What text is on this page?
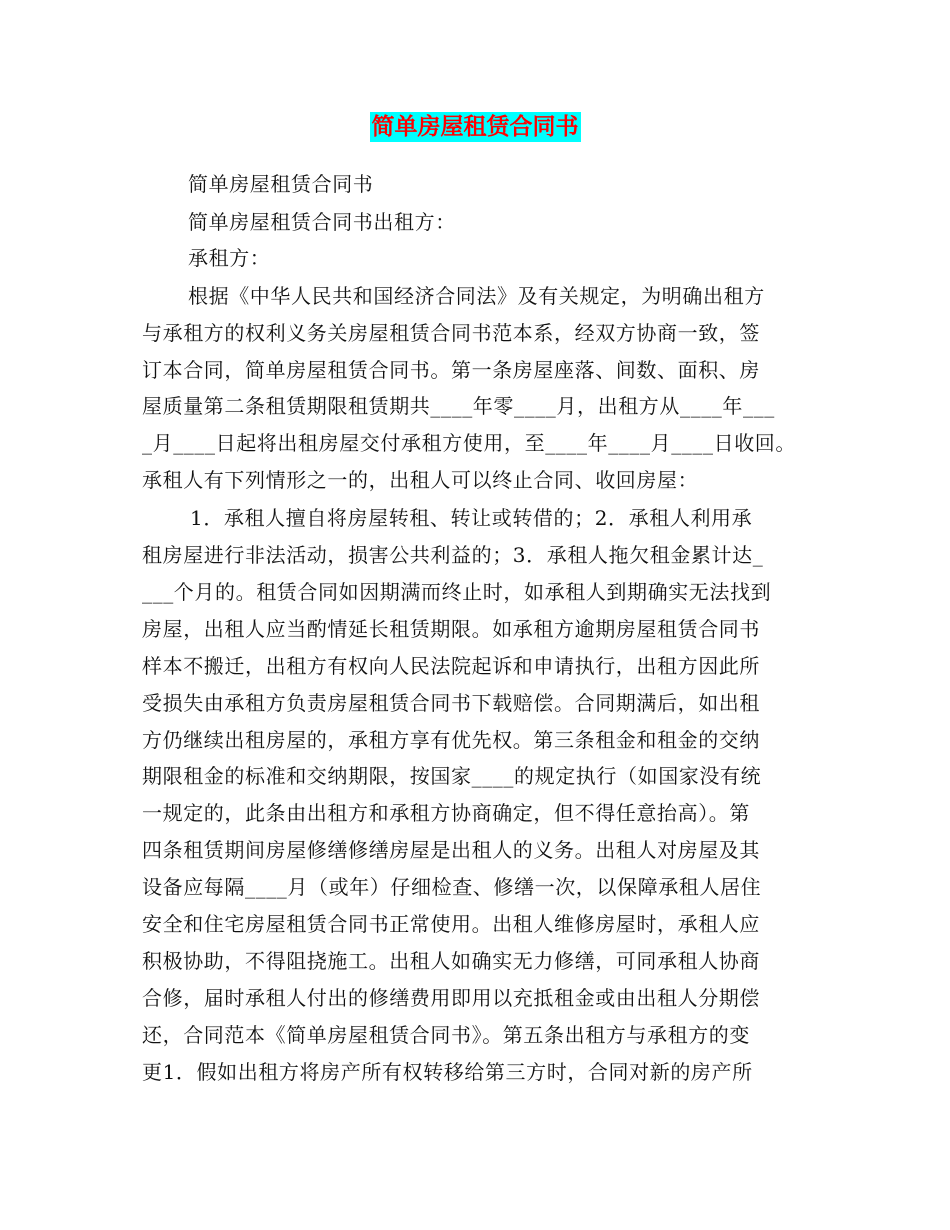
简单房屋租赁合同书
简单房屋租赁合同书
简单房屋租赁合同书出租方：
承租方：
根据《中华人民共和国经济合同法》及有关规定，为明确出租方
与承租方的权利义务关房屋租赁合同书范本系，经双方协商一致，签
订本合同，简单房屋租赁合同书。第一条房屋座落、间数、面积、房
屋质量第二条租赁期限租赁期共____年零____月，出租方从____年___
_月____日起将出租房屋交付承租方使用，至____年____月____日收回。
承租人有下列情形之一的，出租人可以终止合同、收回房屋：
1．承租人擅自将房屋转租、转让或转借的；2．承租人利用承
租房屋进行非法活动，损害公共利益的；3．承租人拖欠租金累计达_
___个月的。租赁合同如因期满而终止时，如承租人到期确实无法找到
房屋，出租人应当酌情延长租赁期限。如承租方逾期房屋租赁合同书
样本不搬迁，出租方有权向人民法院起诉和申请执行，出租方因此所
受损失由承租方负责房屋租赁合同书下载赔偿。合同期满后，如出租
方仍继续出租房屋的，承租方享有优先权。第三条租金和租金的交纳
期限租金的标准和交纳期限，按国家____的规定执行（如国家没有统
一规定的，此条由出租方和承租方协商确定，但不得任意抬高）。第
四条租赁期间房屋修缮修缮房屋是出租人的义务。出租人对房屋及其
设备应每隔____月（或年）仔细检查、修缮一次，以保障承租人居住
安全和住宅房屋租赁合同书正常使用。出租人维修房屋时，承租人应
积极协助，不得阻挠施工。出租人如确实无力修缮，可同承租人协商
合修，届时承租人付出的修缮费用即用以充抵租金或由出租人分期偿
还，合同范本《简单房屋租赁合同书》。第五条出租方与承租方的变
更1．假如出租方将房产所有权转移给第三方时，合同对新的房产所
